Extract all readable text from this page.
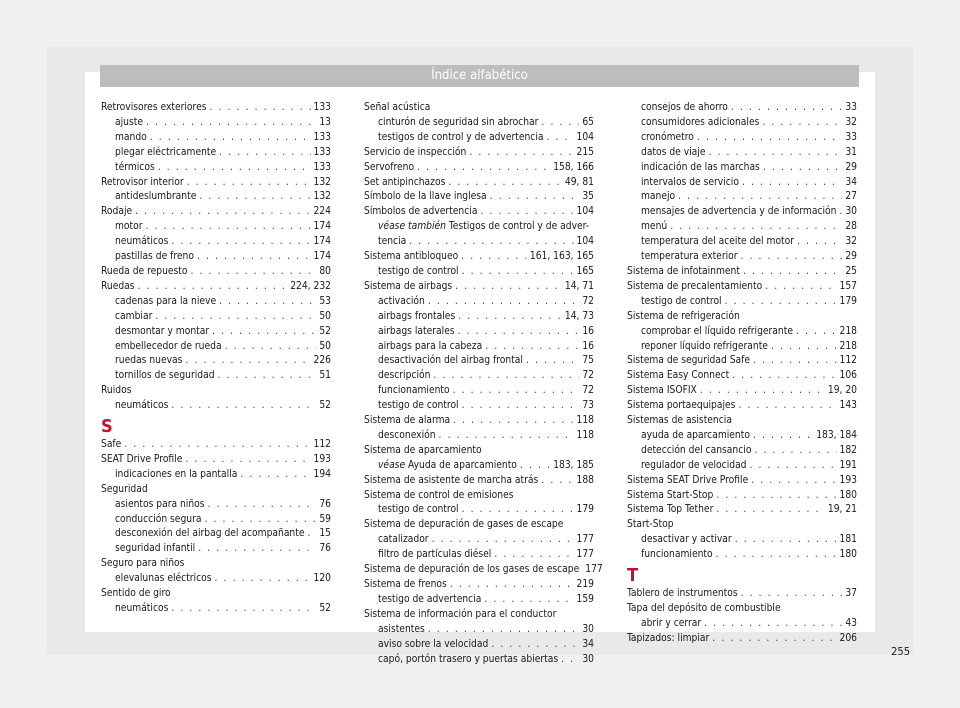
Índice alfabético
Retrovisores exteriores . . .	133
ajuste . . .	13
mando . . .	133
plegar eléctricamente . . .	133
térmicos . . .	133
Retrovisor interior . . .	132
antideslumbrante . . .	132
Rodaje . . .	224
motor . . .	174
neumáticos . . .	174
pastillas de freno . . .	174
Rueda de repuesto . . .	80
Ruedas . . .	224, 232
cadenas para la nieve . . .	53
cambiar . . .	50
desmontar y montar . . .	52
embellecedor de rueda . . .	50
ruedas nuevas . . .	226
tornillos de seguridad . . .	51
Ruidos
neumáticos . . .	52
S
Safe . . .	112
SEAT Drive Profile . . .	193
indicaciones en la pantalla . . .	194
Seguridad
asientos para niños . . .	76
conducción segura . . .	59
desconexión del airbag del acompañante . . . 15
seguridad infantil . . .	76
Seguro para niños
elevalunas eléctricos . . .	120
Sentido de giro
neumáticos . . .	52
Señal acústica
cinturón de seguridad sin abrochar . . .	65
testigos de control y de advertencia . . .	104
Servicio de inspección . . .	215
Servofreno . . .	158, 166
Set antipinchazos . . .	49, 81
Símbolo de la llave inglesa . . .	35
Símbolos de advertencia . . .	104
véase también Testigos de control y de adver-
tencia . . .	104
Sistema antibloqueo . . .	161, 163, 165
testigo de control . . .	165
Sistema de airbags . . .	14, 71
activación . . .	72
airbags frontales . . .	14, 73
airbags laterales . . .	16
airbags para la cabeza . . .	16
desactivación del airbag frontal . . .	75
descripción . . .	72
funcionamiento . . .	72
testigo de control . . .	73
Sistema de alarma . . .	118
desconexión . . .	118
Sistema de aparcamiento
véase Ayuda de aparcamiento . . .	183, 185
Sistema de asistente de marcha atrás . . .	188
Sistema de control de emisiones
testigo de control . . .	179
Sistema de depuración de gases de escape
catalizador . . .	177
filtro de partículas diésel . . .	177
Sistema de depuración de los gases de escape 177
Sistema de frenos . . .	219
testigo de advertencia . . .	159
Sistema de información para el conductor
asistentes . . .	30
aviso sobre la velocidad . . .	34
capó, portón trasero y puertas abiertas . . . 30
consejos de ahorro . . .	33
consumidores adicionales . . .	32
cronómetro . . .	33
datos de viaje . . .	31
indicación de las marchas . . .	29
intervalos de servicio . . .	34
manejo . . .	27
mensajes de advertencia y de información . . . 30
menú . . .	28
temperatura del aceite del motor . . .	32
temperatura exterior . . .	29
Sistema de infotainment . . .	25
Sistema de precalentamiento . . .	157
testigo de control . . .	179
Sistema de refrigeración
comprobar el líquido refrigerante . . .	218
reponer líquido refrigerante . . .	218
Sistema de seguridad Safe . . .	112
Sistema Easy Connect . . .	106
Sistema ISOFIX . . .	19, 20
Sistema portaequipajes . . .	143
Sistemas de asistencia
ayuda de aparcamiento . . .	183, 184
detección del cansancio . . .	182
regulador de velocidad . . .	191
Sistema SEAT Drive Profile . . .	193
Sistema Start-Stop . . .	180
Sistema Top Tether . . .	19, 21
Start-Stop
desactivar y activar . . .	181
funcionamiento . . .	180
T
Tablero de instrumentos . . .	37
Tapa del depósito de combustible
abrir y cerrar . . .	43
Tapizados: limpiar . . .	206
255
